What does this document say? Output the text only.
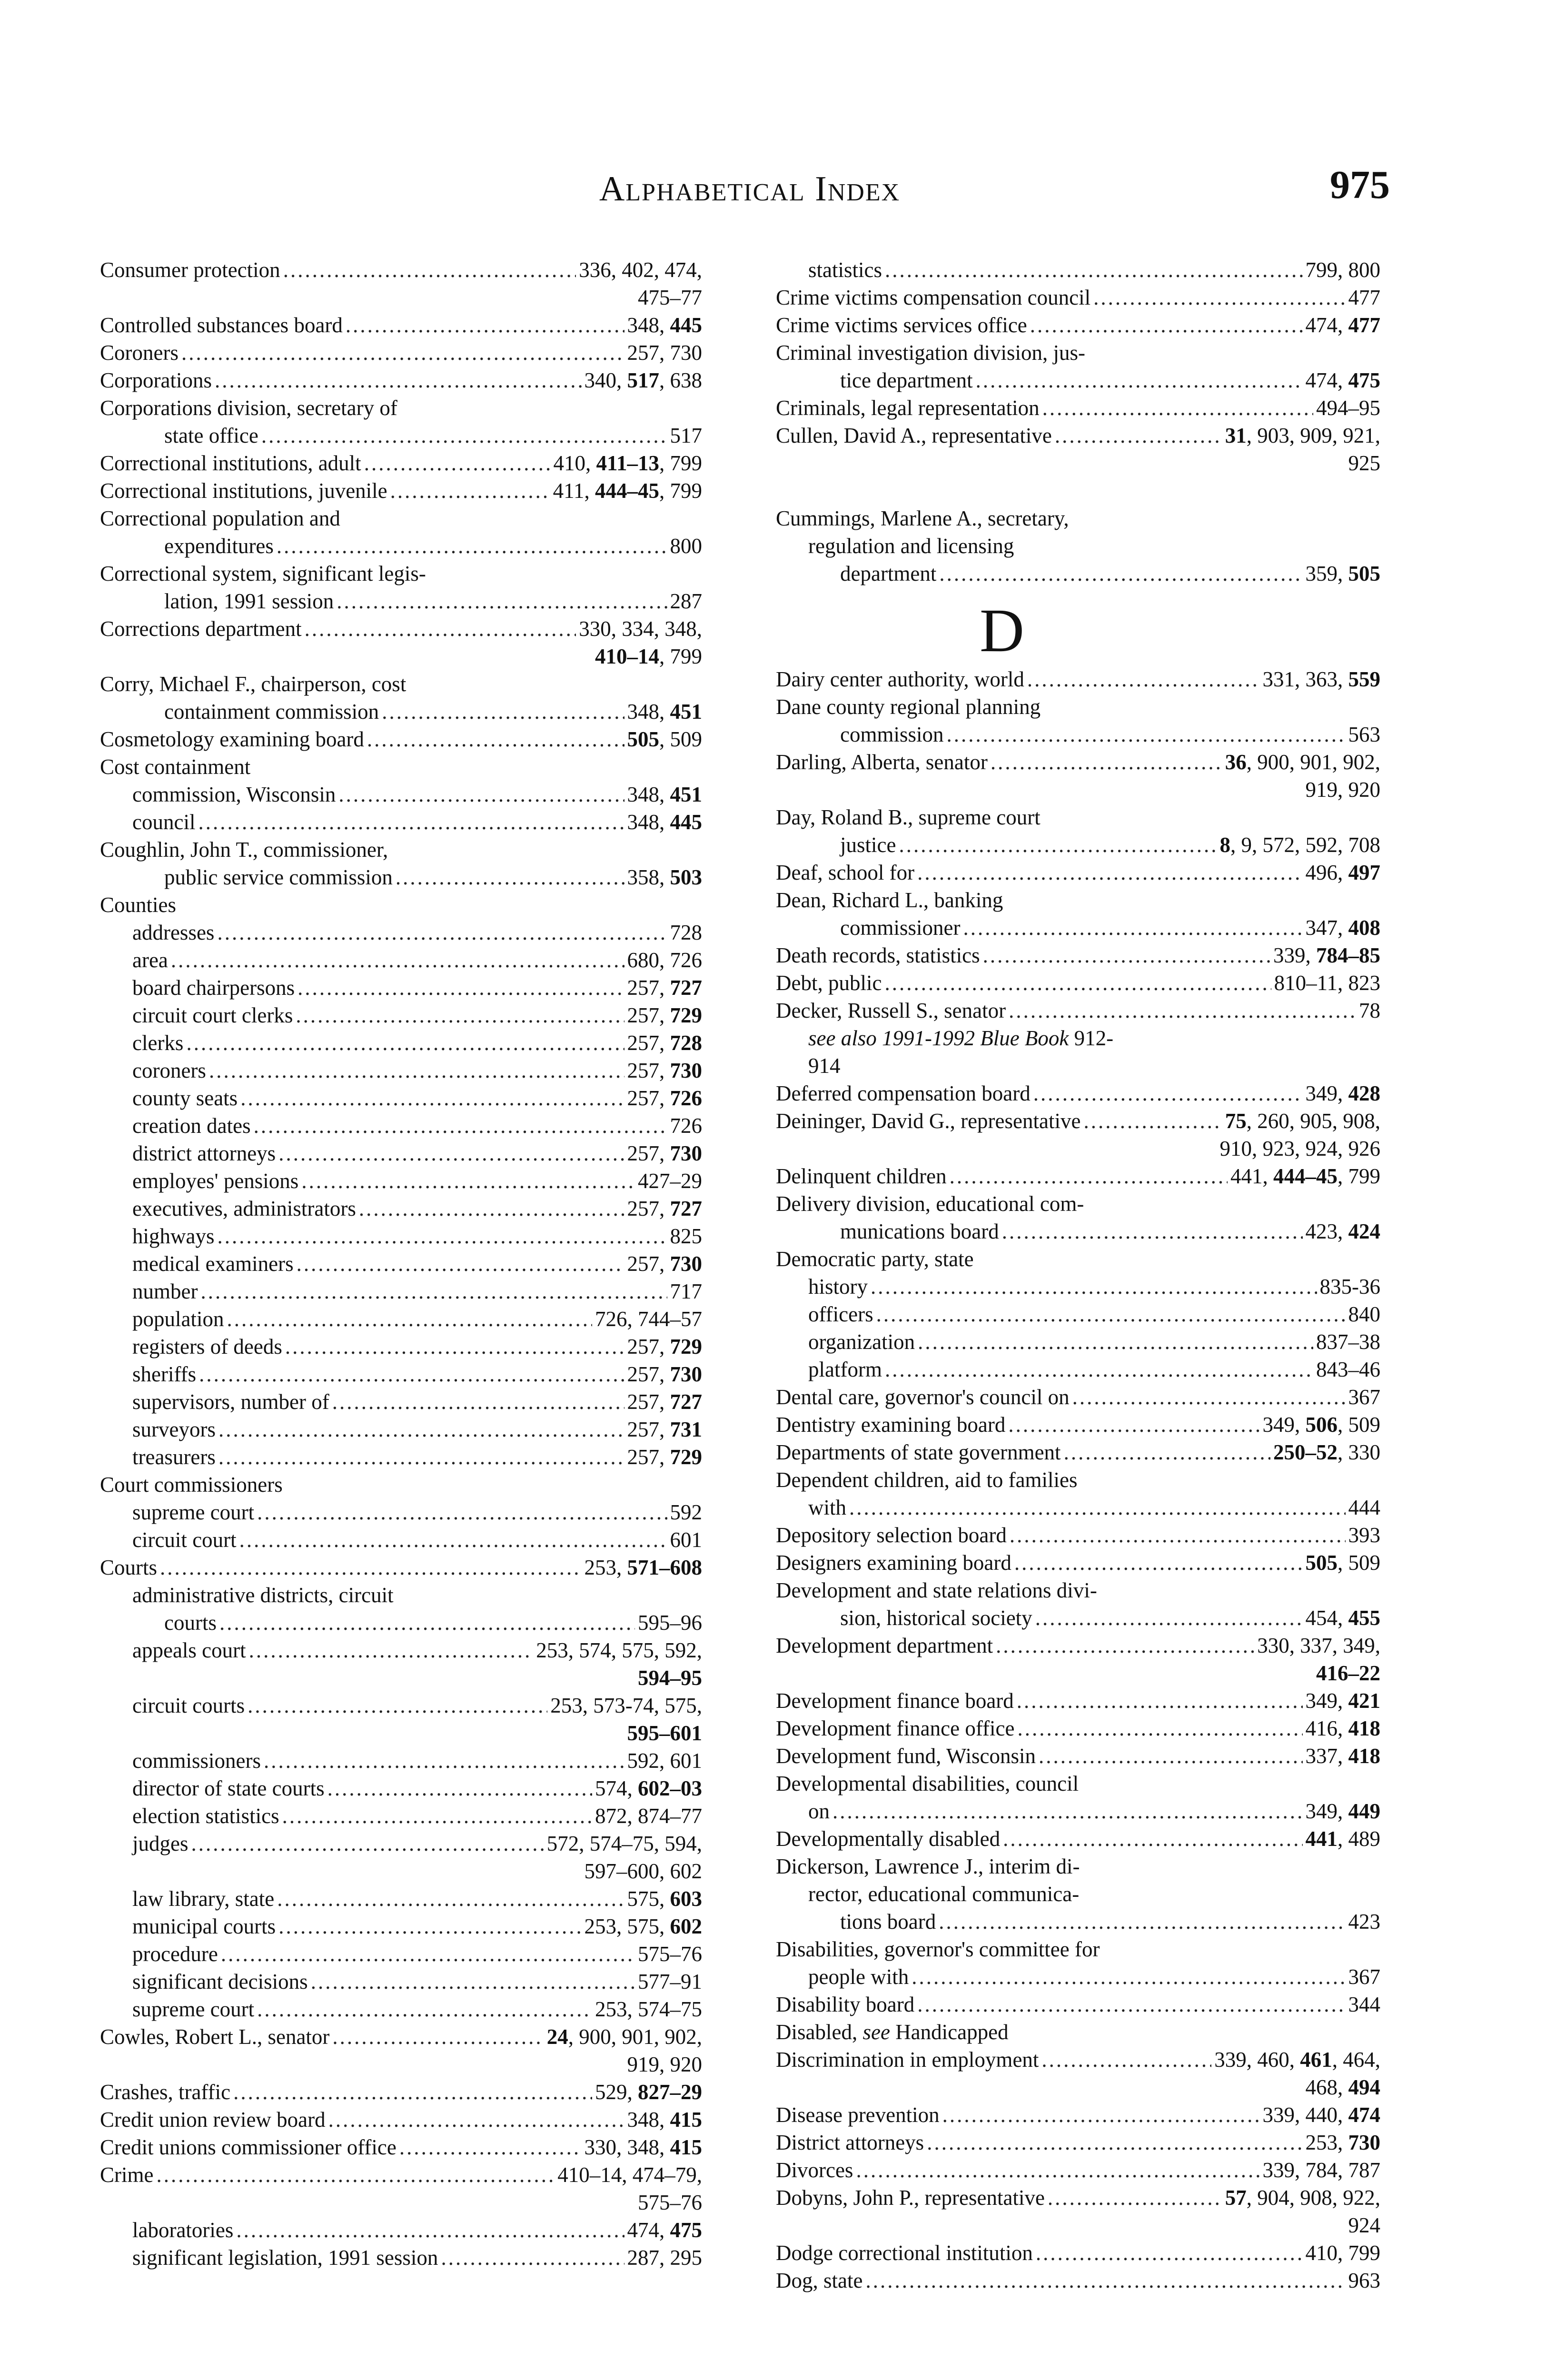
Alphabetical Index	975
Consumer protection .....	336, 402, 474,
475–77
Controlled substances board .....	348, 445
Coroners .....	257, 730
Corporations .....	340, 517, 638
Corporations division, secretary of
state office .....	517
Correctional institutions, adult .....	410, 411–13, 799
Correctional institutions, juvenile .....	411, 444–45, 799
Correctional population and
expenditures .....	800
Correctional system, significant legis-
lation, 1991 session .....	287
Corrections department .....	330, 334, 348,
410–14, 799
Corry, Michael F., chairperson, cost
containment commission .....	348, 451
Cosmetology examining board .....	505, 509
Cost containment
commission, Wisconsin .....	348, 451
council .....	348, 445
Coughlin, John T., commissioner,
public service commission .....	358, 503
Counties
addresses .....	728
area .....	680, 726
board chairpersons .....	257, 727
circuit court clerks .....	257, 729
clerks .....	257, 728
coroners .....	257, 730
county seats .....	257, 726
creation dates .....	726
district attorneys .....	257, 730
employes' pensions .....	427–29
executives, administrators .....	257, 727
highways .....	825
medical examiners .....	257, 730
number .....	717
population .....	726, 744–57
registers of deeds .....	257, 729
sheriffs .....	257, 730
supervisors, number of .....	257, 727
surveyors .....	257, 731
treasurers .....	257, 729
Court commissioners
supreme court .....	592
circuit court .....	601
Courts .....	253, 571–608
administrative districts, circuit
courts .....	595–96
appeals court .....	253, 574, 575, 592,
594–95
circuit courts .....	253, 573-74, 575,
595–601
commissioners .....	592, 601
director of state courts .....	574, 602–03
election statistics .....	872, 874–77
judges .....	572, 574–75, 594,
597–600, 602
law library, state .....	575, 603
municipal courts .....	253, 575, 602
procedure .....	575–76
significant decisions .....	577–91
supreme court .....	253, 574–75
Cowles, Robert L., senator .....	24, 900, 901, 902,
919, 920
Crashes, traffic .....	529, 827–29
Credit union review board .....	348, 415
Credit unions commissioner office .....	330, 348, 415
Crime .....	410–14, 474–79,
575–76
laboratories .....	474, 475
significant legislation, 1991 session .....	287, 295
statistics .....	799, 800
Crime victims compensation council .....	477
Crime victims services office .....	474, 477
Criminal investigation division, jus-
tice department .....	474, 475
Criminals, legal representation .....	494–95
Cullen, David A., representative .....	31, 903, 909, 921,
925
Cummings, Marlene A., secretary,
regulation and licensing
department .....	359, 505
D
Dairy center authority, world .....	331, 363, 559
Dane county regional planning
commission .....	563
Darling, Alberta, senator .....	36, 900, 901, 902,
919, 920
Day, Roland B., supreme court
justice .....	8, 9, 572, 592, 708
Deaf, school for .....	496, 497
Dean, Richard L., banking
commissioner .....	347, 408
Death records, statistics .....	339, 784–85
Debt, public .....	810–11, 823
Decker, Russell S., senator .....	78
see also 1991-1992 Blue Book 912-
914
Deferred compensation board .....	349, 428
Deininger, David G., representative .....	75, 260, 905, 908,
910, 923, 924, 926
Delinquent children .....	441, 444–45, 799
Delivery division, educational com-
munications board .....	423, 424
Democratic party, state
history .....	835-36
officers .....	840
organization .....	837–38
platform .....	843–46
Dental care, governor's council on .....	367
Dentistry examining board .....	349, 506, 509
Departments of state government .....	250–52, 330
Dependent children, aid to families
with .....	444
Depository selection board .....	393
Designers examining board .....	505, 509
Development and state relations divi-
sion, historical society .....	454, 455
Development department .....	330, 337, 349,
416–22
Development finance board .....	349, 421
Development finance office .....	416, 418
Development fund, Wisconsin .....	337, 418
Developmental disabilities, council
on .....	349, 449
Developmentally disabled .....	441, 489
Dickerson, Lawrence J., interim di-
rector, educational communica-
tions board .....	423
Disabilities, governor's committee for
people with .....	367
Disability board .....	344
Disabled, see Handicapped
Discrimination in employment .....	339, 460, 461, 464,
468, 494
Disease prevention .....	339, 440, 474
District attorneys .....	253, 730
Divorces .....	339, 784, 787
Dobyns, John P., representative .....	57, 904, 908, 922,
924
Dodge correctional institution .....	410, 799
Dog, state .....	963
